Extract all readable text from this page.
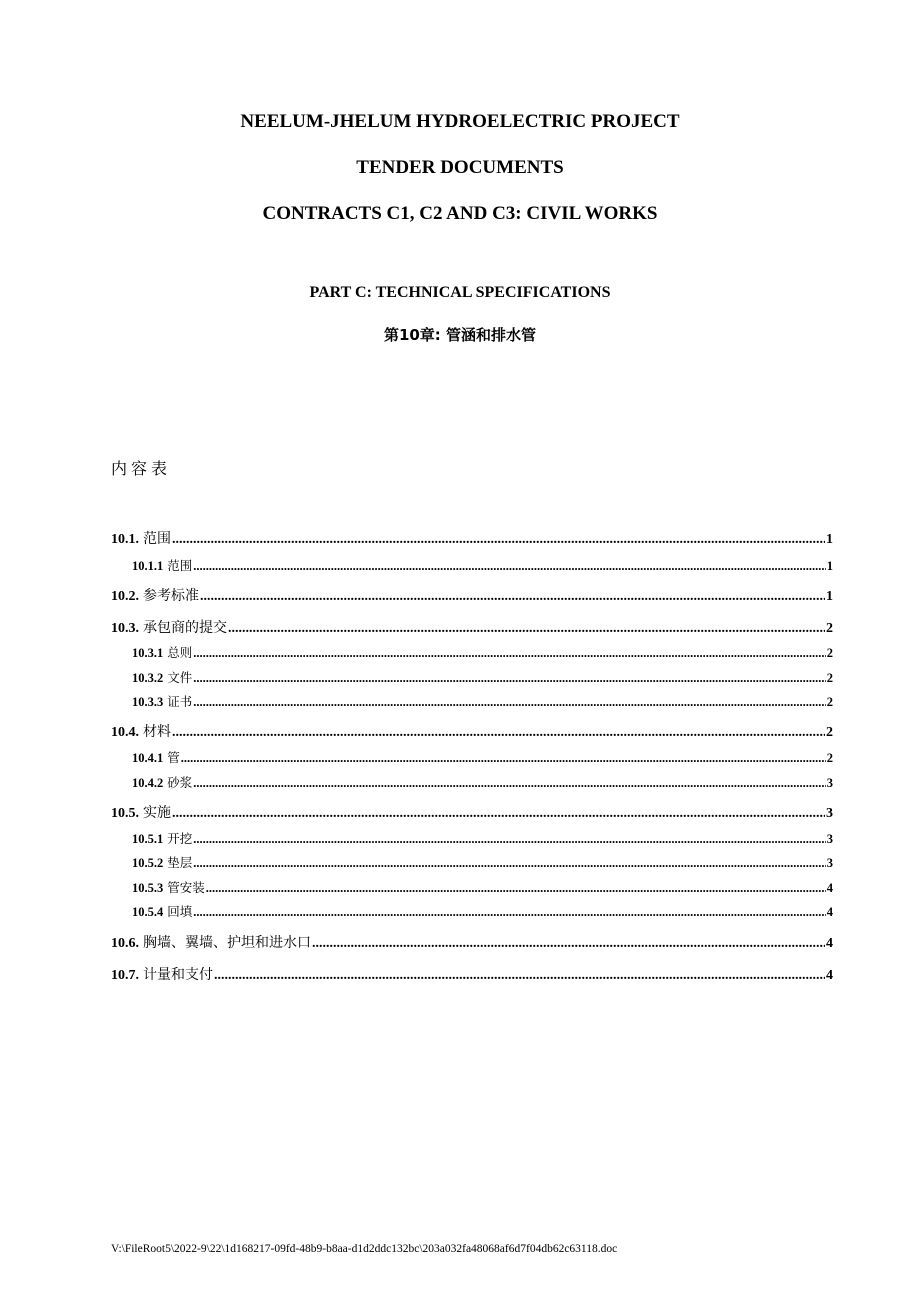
NEELUM-JHELUM HYDROELECTRIC PROJECT
TENDER DOCUMENTS
CONTRACTS C1, C2 AND C3: CIVIL WORKS
PART C: TECHNICAL SPECIFICATIONS
第10章: 管涵和排水管
内容表
10.1. 范围 .....	1
10.1.1 范围 .....	1
10.2. 参考标准 .....	1
10.3. 承包商的提交 .....	2
10.3.1 总则 .....	2
10.3.2 文件 .....	2
10.3.3 证书 .....	2
10.4. 材料 .....	2
10.4.1 管 .....	2
10.4.2 砂浆 .....	3
10.5. 实施 .....	3
10.5.1 开挖 .....	3
10.5.2 垫层 .....	3
10.5.3 管安装 .....	4
10.5.4 回填 .....	4
10.6. 胸墙、翼墙、护坦和进水口 .....	4
10.7. 计量和支付 .....	4
V:\FileRoot5\2022-9\22\1d168217-09fd-48b9-b8aa-d1d2ddc132bc\203a032fa48068af6d7f04db62c63118.doc
